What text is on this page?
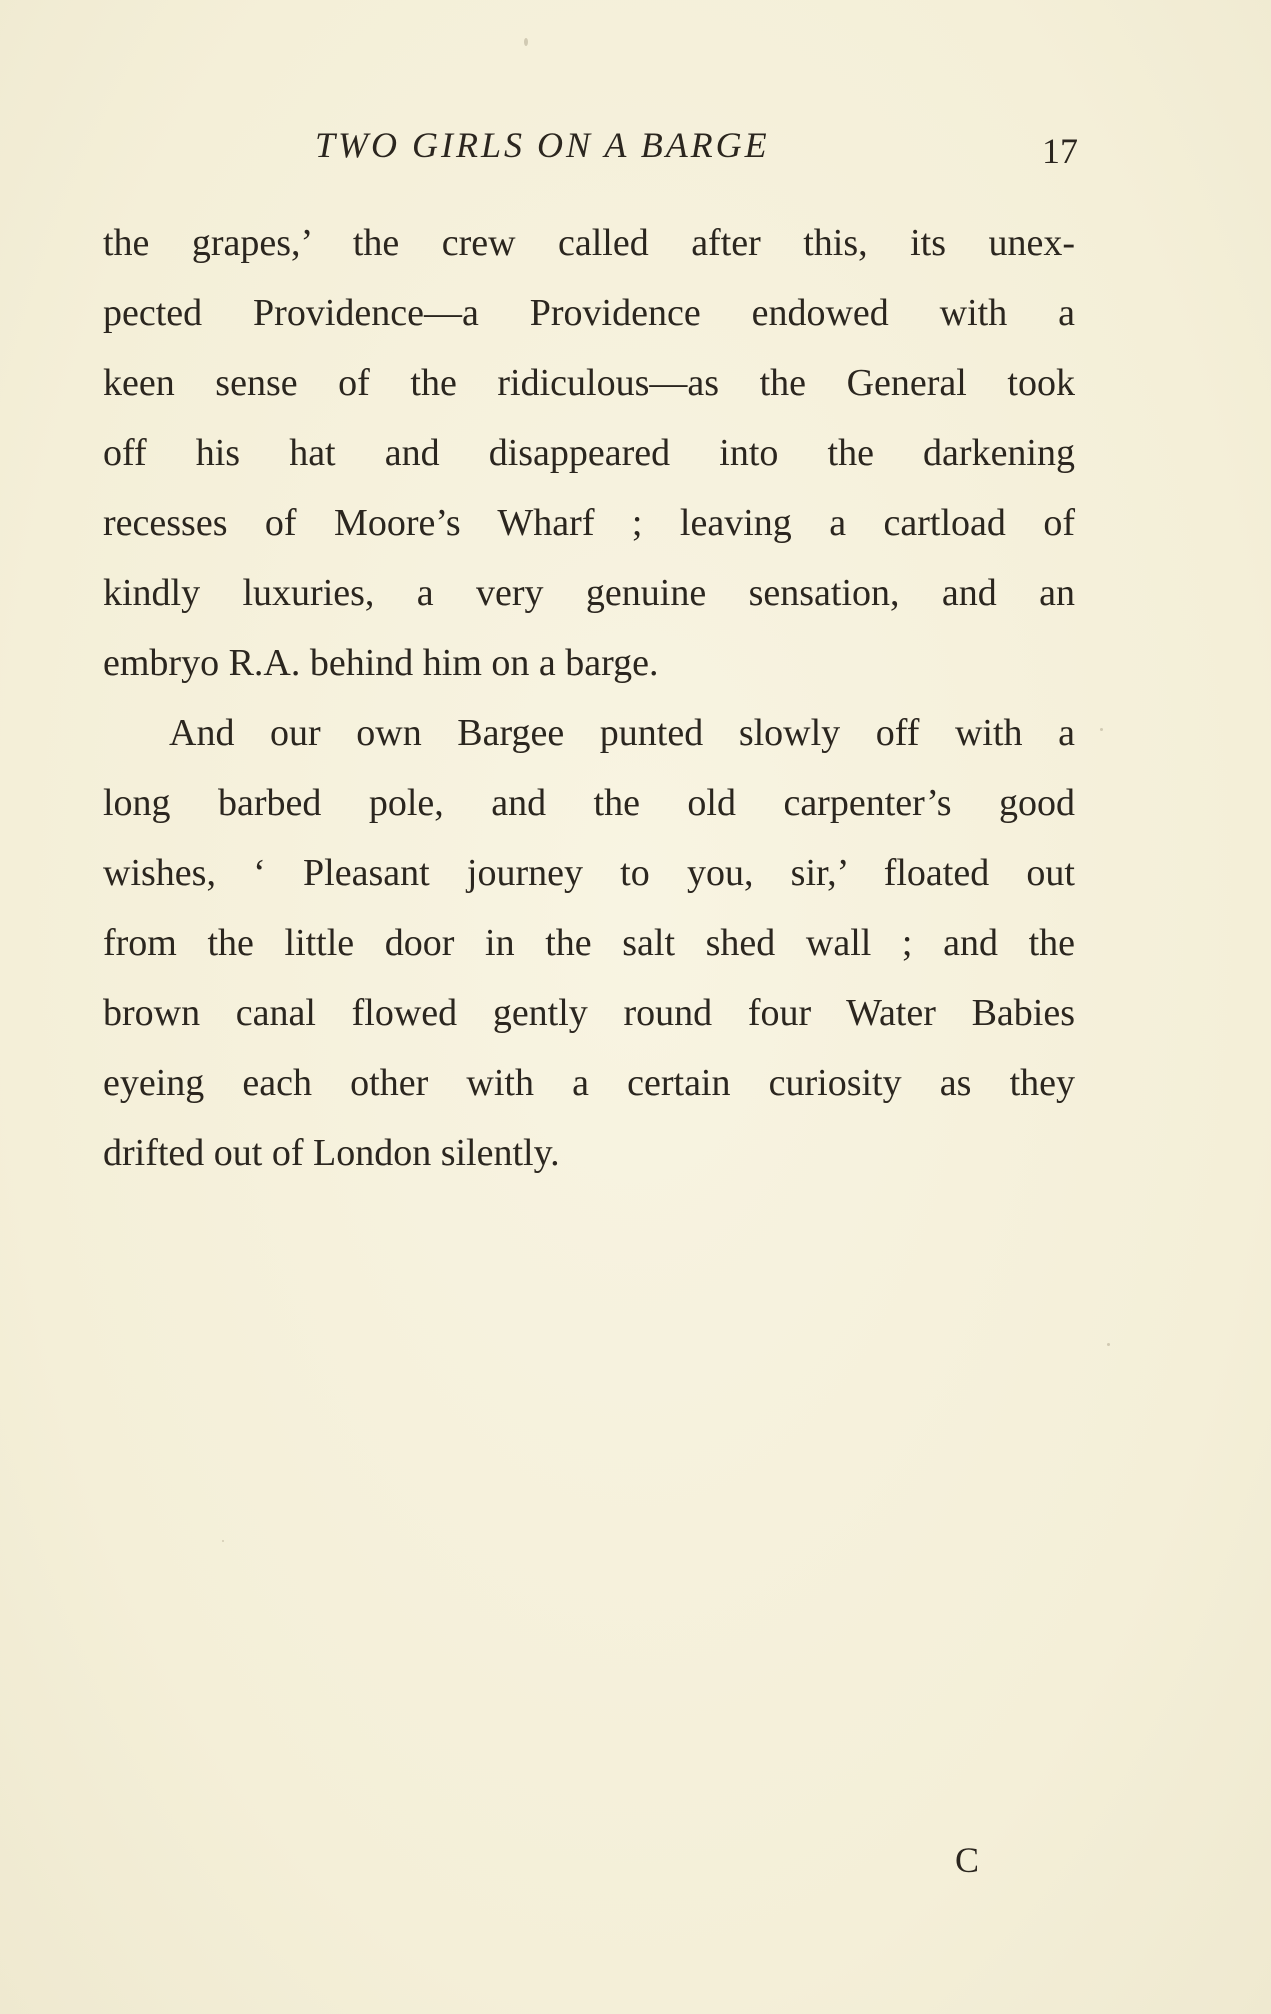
TWO GIRLS ON A BARGE	17
the grapes,’ the crew called after this, its unex-
pected Providence—a Providence endowed with a
keen sense of the ridiculous—as the General took
off his hat and disappeared into the darkening
recesses of Moore’s Wharf ; leaving a cartload of
kindly luxuries, a very genuine sensation, and an
embryo R.A. behind him on a barge.
And our own Bargee punted slowly off with a
long barbed pole, and the old carpenter’s good
wishes, ‘ Pleasant journey to you, sir,’ floated out
from the little door in the salt shed wall ; and the
brown canal flowed gently round four Water Babies
eyeing each other with a certain curiosity as they
drifted out of London silently.
C
